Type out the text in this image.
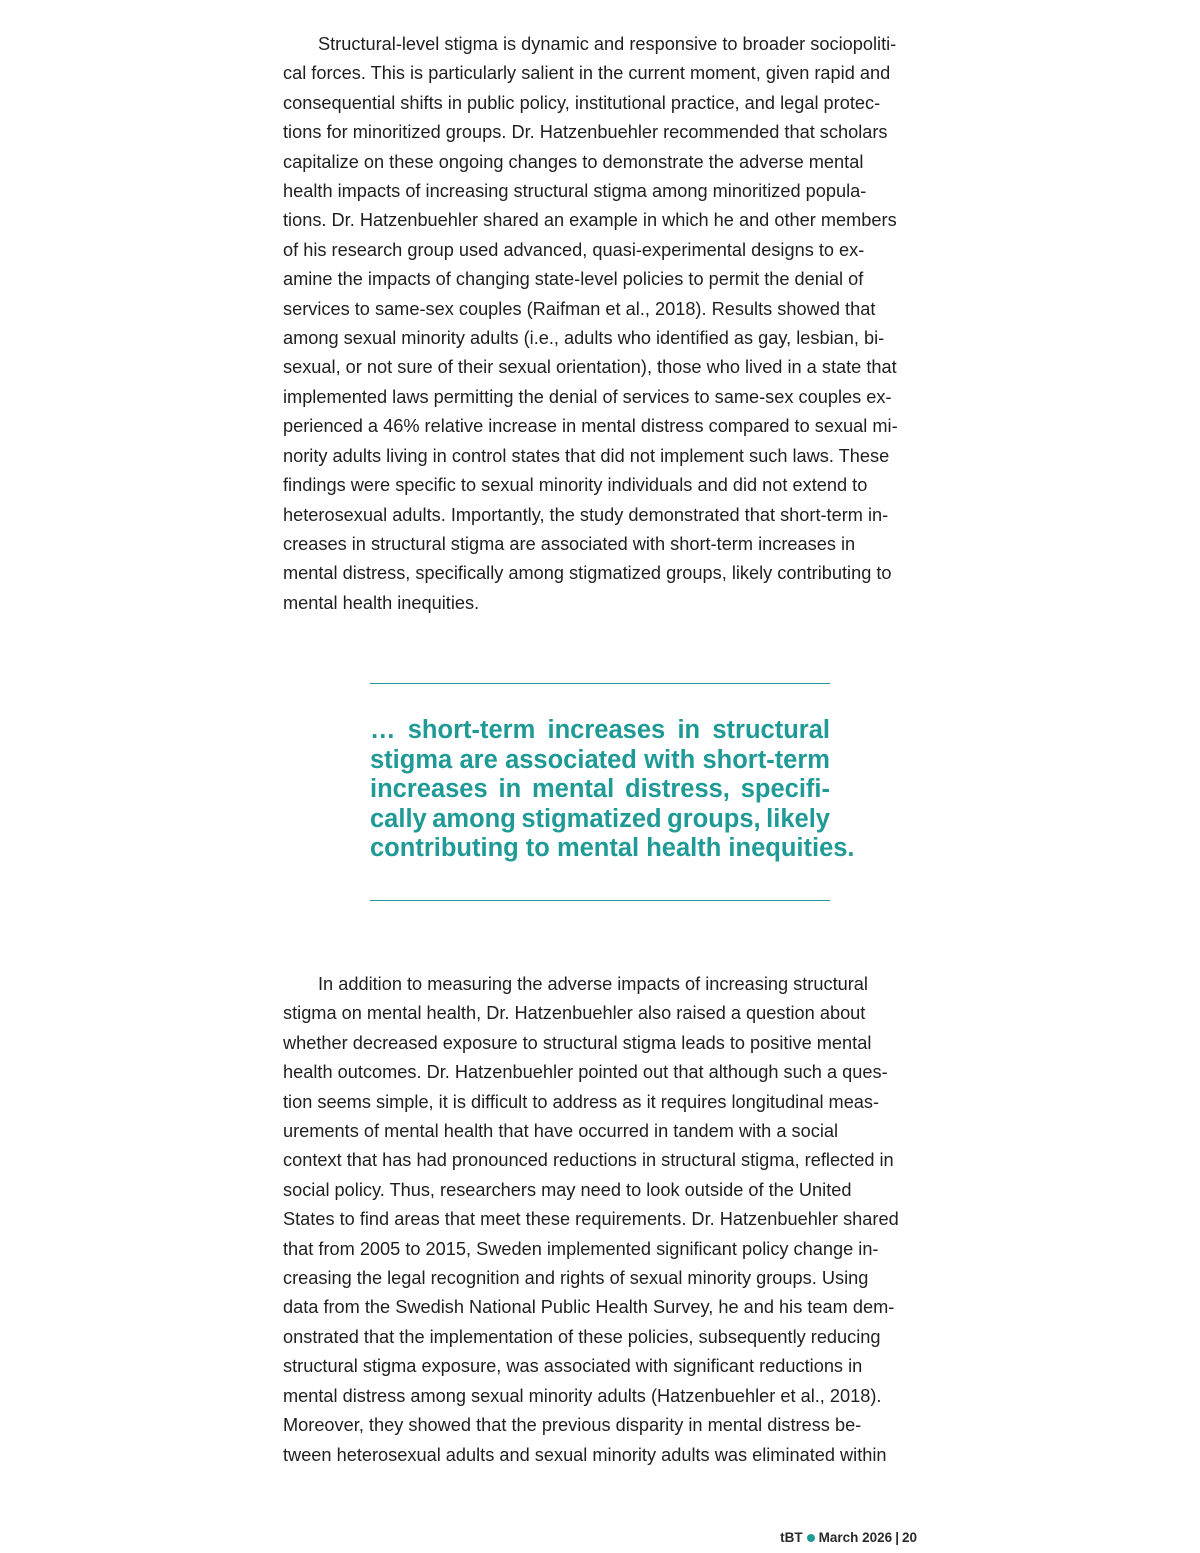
Structural-level stigma is dynamic and responsive to broader sociopoliti-
cal forces. This is particularly salient in the current moment, given rapid and
consequential shifts in public policy, institutional practice, and legal protec-
tions for minoritized groups. Dr. Hatzenbuehler recommended that scholars
capitalize on these ongoing changes to demonstrate the adverse mental
health impacts of increasing structural stigma among minoritized popula-
tions. Dr. Hatzenbuehler shared an example in which he and other members
of his research group used advanced, quasi-experimental designs to ex-
amine the impacts of changing state-level policies to permit the denial of
services to same-sex couples (Raifman et al., 2018). Results showed that
among sexual minority adults (i.e., adults who identified as gay, lesbian, bi-
sexual, or not sure of their sexual orientation), those who lived in a state that
implemented laws permitting the denial of services to same-sex couples ex-
perienced a 46% relative increase in mental distress compared to sexual mi-
nority adults living in control states that did not implement such laws. These
findings were specific to sexual minority individuals and did not extend to
heterosexual adults. Importantly, the study demonstrated that short-term in-
creases in structural stigma are associated with short-term increases in
mental distress, specifically among stigmatized groups, likely contributing to
mental health inequities.
… short-term increases in structural
stigma are associated with short-term
increases in mental distress, specifi-
cally among stigmatized groups, likely
contributing to mental health inequities.
In addition to measuring the adverse impacts of increasing structural
stigma on mental health, Dr. Hatzenbuehler also raised a question about
whether decreased exposure to structural stigma leads to positive mental
health outcomes. Dr. Hatzenbuehler pointed out that although such a ques-
tion seems simple, it is difficult to address as it requires longitudinal meas-
urements of mental health that have occurred in tandem with a social
context that has had pronounced reductions in structural stigma, reflected in
social policy. Thus, researchers may need to look outside of the United
States to find areas that meet these requirements. Dr. Hatzenbuehler shared
that from 2005 to 2015, Sweden implemented significant policy change in-
creasing the legal recognition and rights of sexual minority groups. Using
data from the Swedish National Public Health Survey, he and his team dem-
onstrated that the implementation of these policies, subsequently reducing
structural stigma exposure, was associated with significant reductions in
mental distress among sexual minority adults (Hatzenbuehler et al., 2018).
Moreover, they showed that the previous disparity in mental distress be-
tween heterosexual adults and sexual minority adults was eliminated within
tBT March 2026 | 20
